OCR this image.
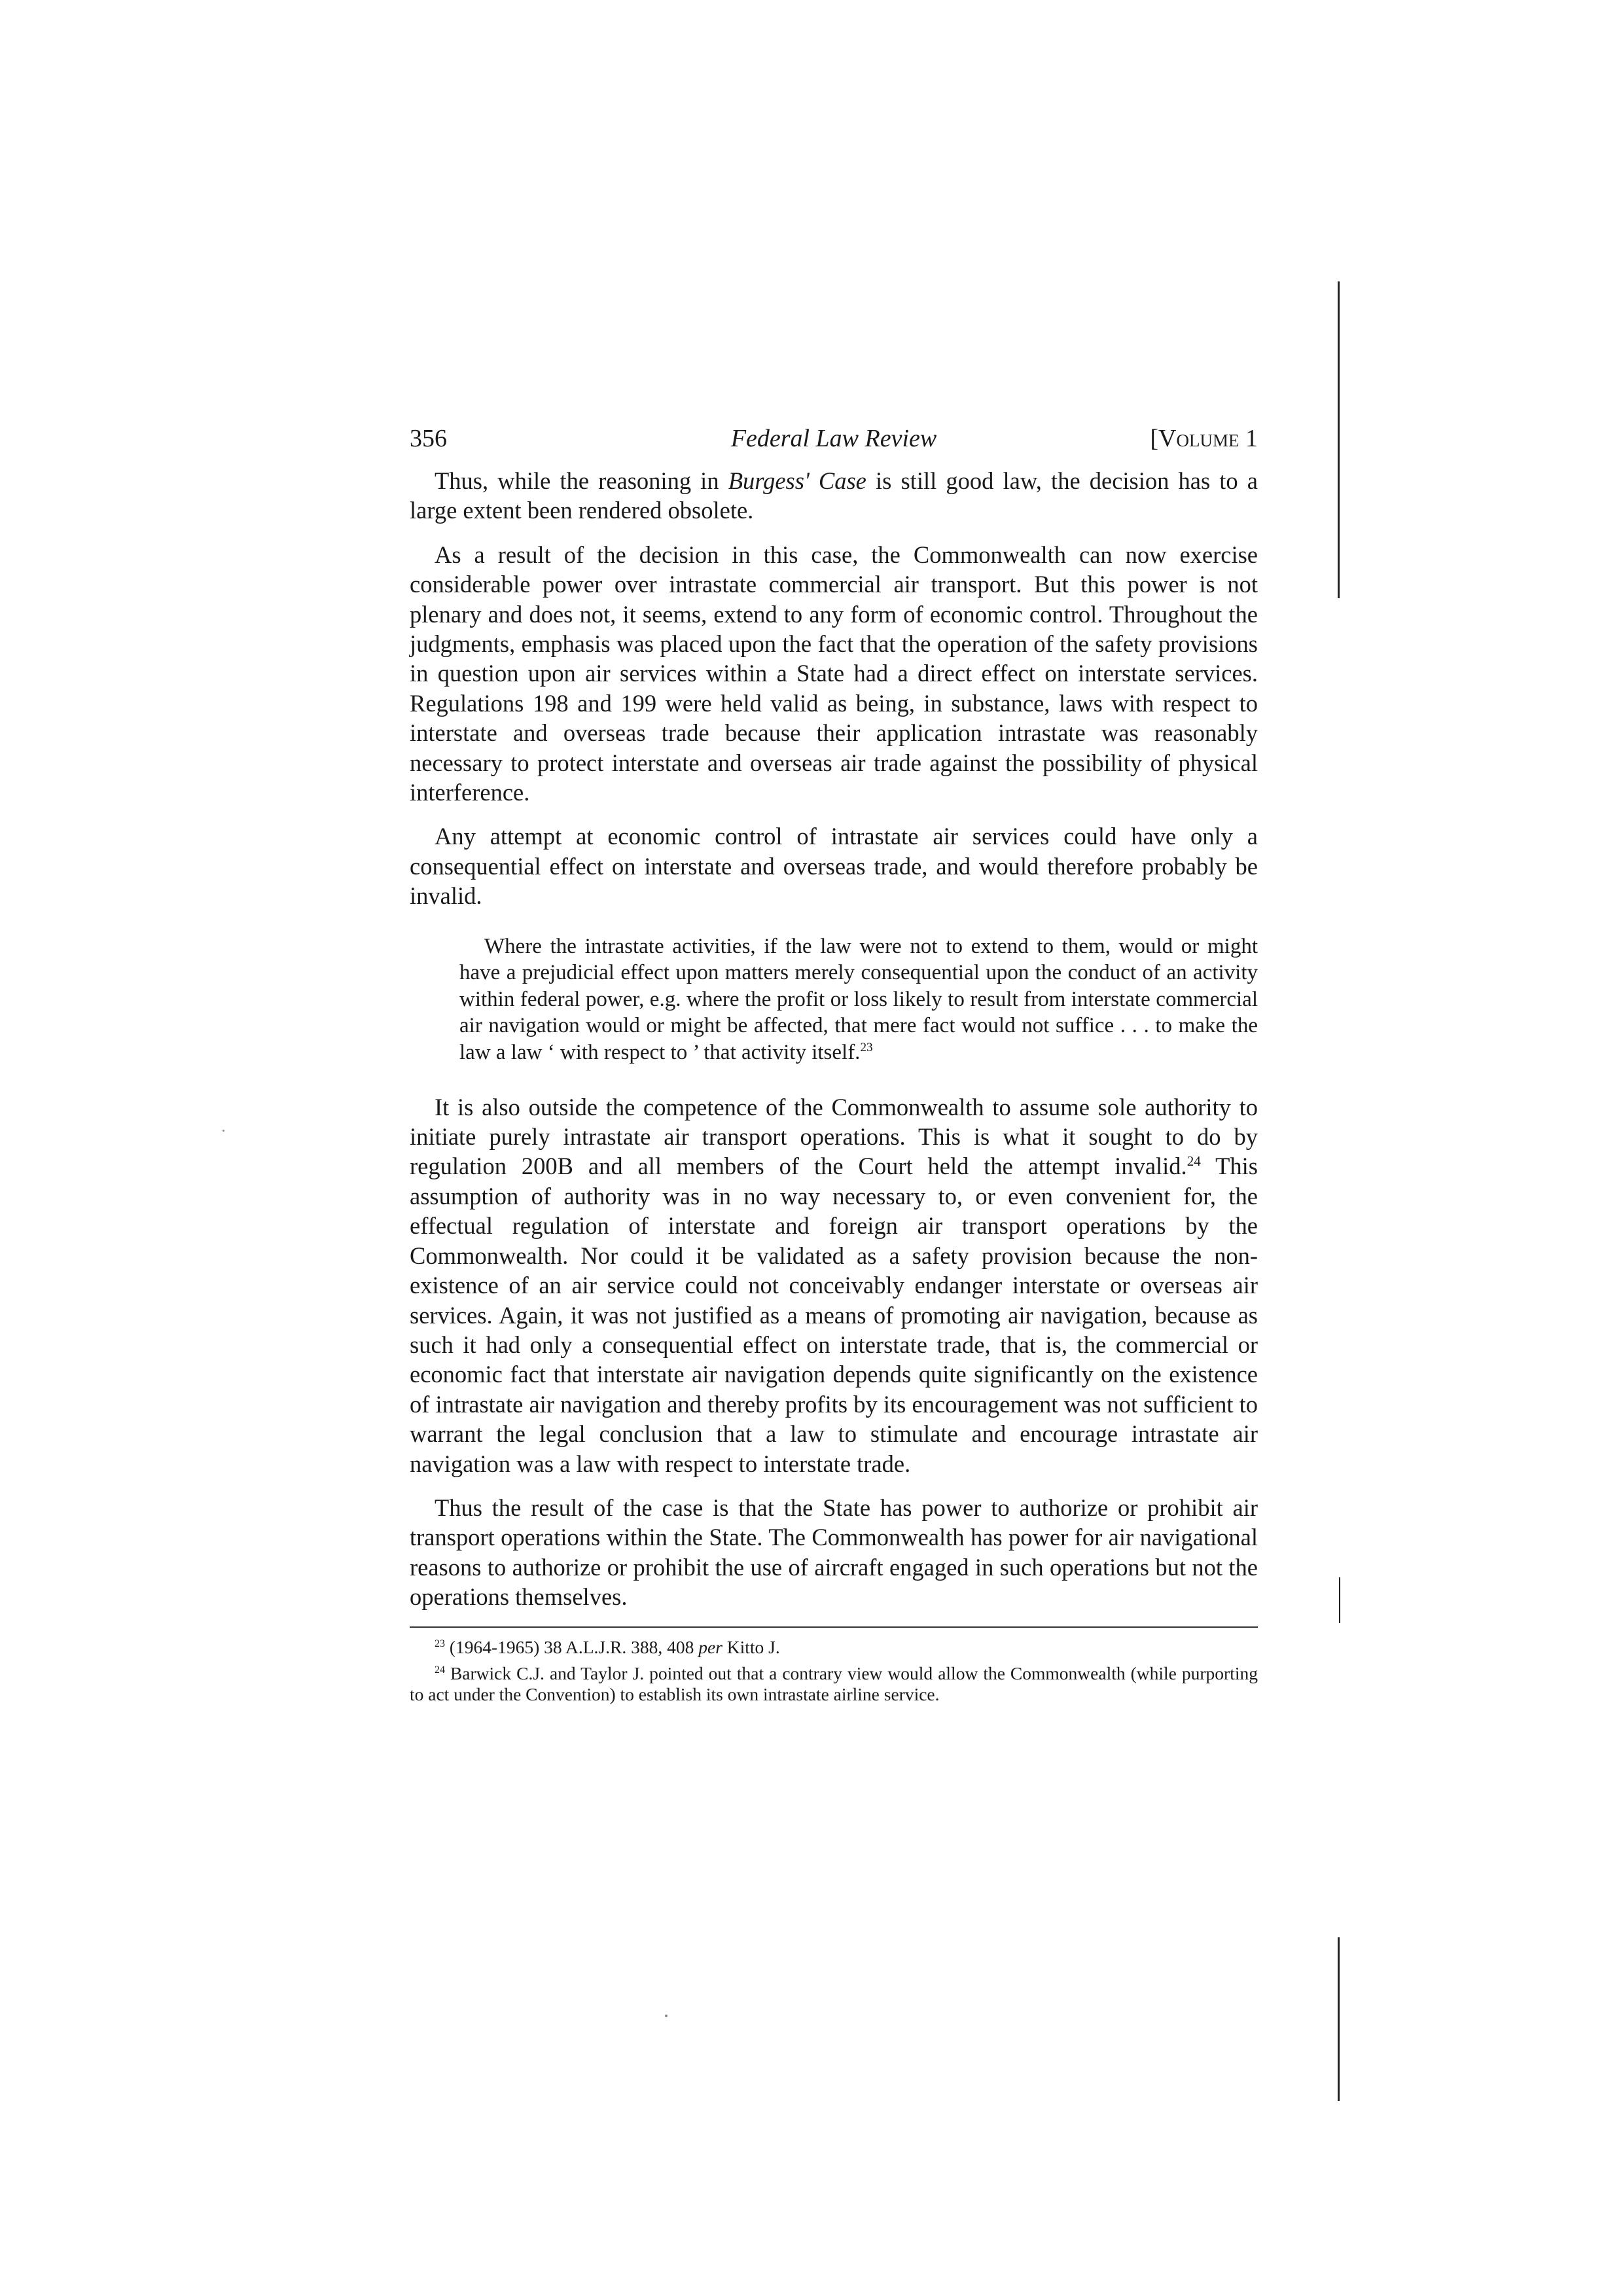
356	Federal Law Review	[Volume 1

Thus, while the reasoning in Burgess' Case is still good law, the decision has to a large extent been rendered obsolete.

As a result of the decision in this case, the Commonwealth can now exercise considerable power over intrastate commercial air transport. But this power is not plenary and does not, it seems, extend to any form of economic control. Throughout the judgments, emphasis was placed upon the fact that the operation of the safety provisions in question upon air services within a State had a direct effect on interstate services. Regulations 198 and 199 were held valid as being, in substance, laws with respect to interstate and overseas trade because their application intrastate was reasonably necessary to protect interstate and overseas air trade against the possibility of physical interference.

Any attempt at economic control of intrastate air services could have only a consequential effect on interstate and overseas trade, and would therefore probably be invalid.

Where the intrastate activities, if the law were not to extend to them, would or might have a prejudicial effect upon matters merely consequential upon the conduct of an activity within federal power, e.g. where the profit or loss likely to result from interstate commercial air navigation would or might be affected, that mere fact would not suffice . . . to make the law a law ‘ with respect to ’ that activity itself.$^{23}$

It is also outside the competence of the Commonwealth to assume sole authority to initiate purely intrastate air transport operations. This is what it sought to do by regulation 200B and all members of the Court held the attempt invalid.$^{24}$ This assumption of authority was in no way necessary to, or even convenient for, the effectual regulation of interstate and foreign air transport operations by the Commonwealth. Nor could it be validated as a safety provision because the non-existence of an air service could not conceivably endanger interstate or overseas air services. Again, it was not justified as a means of promoting air navigation, because as such it had only a consequential effect on interstate trade, that is, the commercial or economic fact that interstate air navigation depends quite significantly on the existence of intrastate air navigation and thereby profits by its encouragement was not sufficient to warrant the legal conclusion that a law to stimulate and encourage intrastate air navigation was a law with respect to interstate trade.

Thus the result of the case is that the State has power to authorize or prohibit air transport operations within the State. The Commonwealth has power for air navigational reasons to authorize or prohibit the use of aircraft engaged in such operations but not the operations themselves.

$^{23}$ (1964-1965) 38 A.L.J.R. 388, 408 per Kitto J.

$^{24}$ Barwick C.J. and Taylor J. pointed out that a contrary view would allow the Commonwealth (while purporting to act under the Convention) to establish its own intrastate airline service.
